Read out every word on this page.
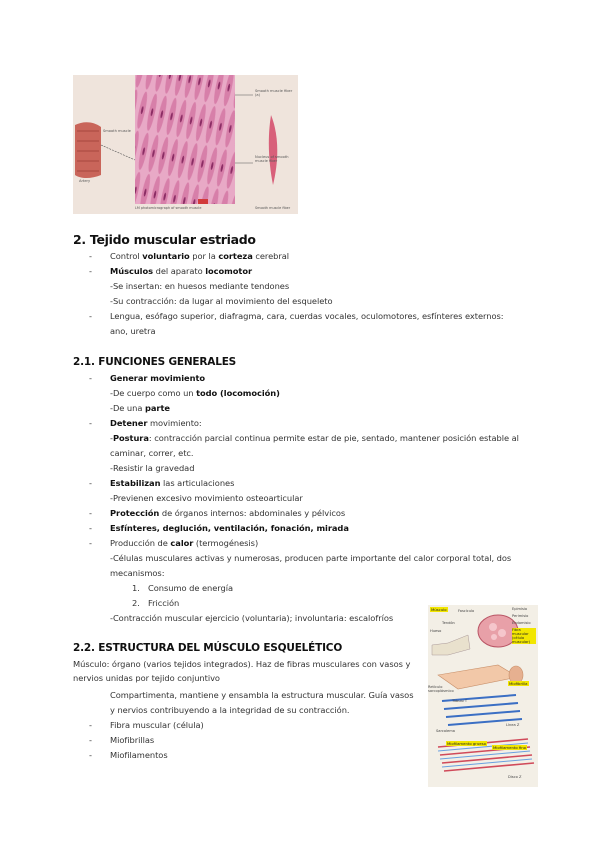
Smooth muscle fiber (a)
Nucleus of smooth muscle fiber
Smooth muscle
Artery
LM photomicrograph of smooth muscle	Smooth muscle fiber
2. Tejido muscular estriado
- Control voluntario por la corteza cerebral
- Músculos del aparato locomotor
-Se insertan: en huesos mediante tendones
-Su contracción: da lugar al movimiento del esqueleto
- Lengua, esófago superior, diafragma, cara, cuerdas vocales, oculomotores, esfínteres externos:
ano, uretra
2.1. FUNCIONES GENERALES
- Generar movimiento
-De cuerpo como un todo (locomoción)
-De una parte
- Detener movimiento:
-Postura: contracción parcial continua permite estar de pie, sentado, mantener posición estable al
caminar, correr, etc.
-Resistir la gravedad
- Estabilizan las articulaciones
-Previenen excesivo movimiento osteoarticular
- Protección de órganos internos: abdominales y pélvicos
- Esfínteres, deglución, ventilación, fonación, mirada
- Producción de calor (termogénesis)
-Células musculares activas y numerosas, producen parte importante del calor corporal total, dos
mecanismos:
1. Consumo de energía
2. Fricción
-Contracción muscular ejercicio (voluntaria); involuntaria: escalofríos
2.2. ESTRUCTURA DEL MÚSCULO ESQUELÉTICO
Músculo: órgano (varios tejidos integrados). Haz de fibras musculares con vasos y
nervios unidas por tejido conjuntivo
Compartimenta, mantiene y ensambla la estructura muscular. Guía vasos
y nervios contribuyendo a la integridad de su contracción.
- Fibra muscular (célula)
- Miofibrillas
- Miofilamentos
Músculo	Epimisio
Perimisio
Endomisio
Fibra muscular (célula muscular)
Hueso
Tendón
Fascículo
Retículo sarcoplásmico
Miofibrilla
Túbulo T
Sarcolema
Línea Z
Miofilamento grueso
Miofilamento fino
Disco Z
